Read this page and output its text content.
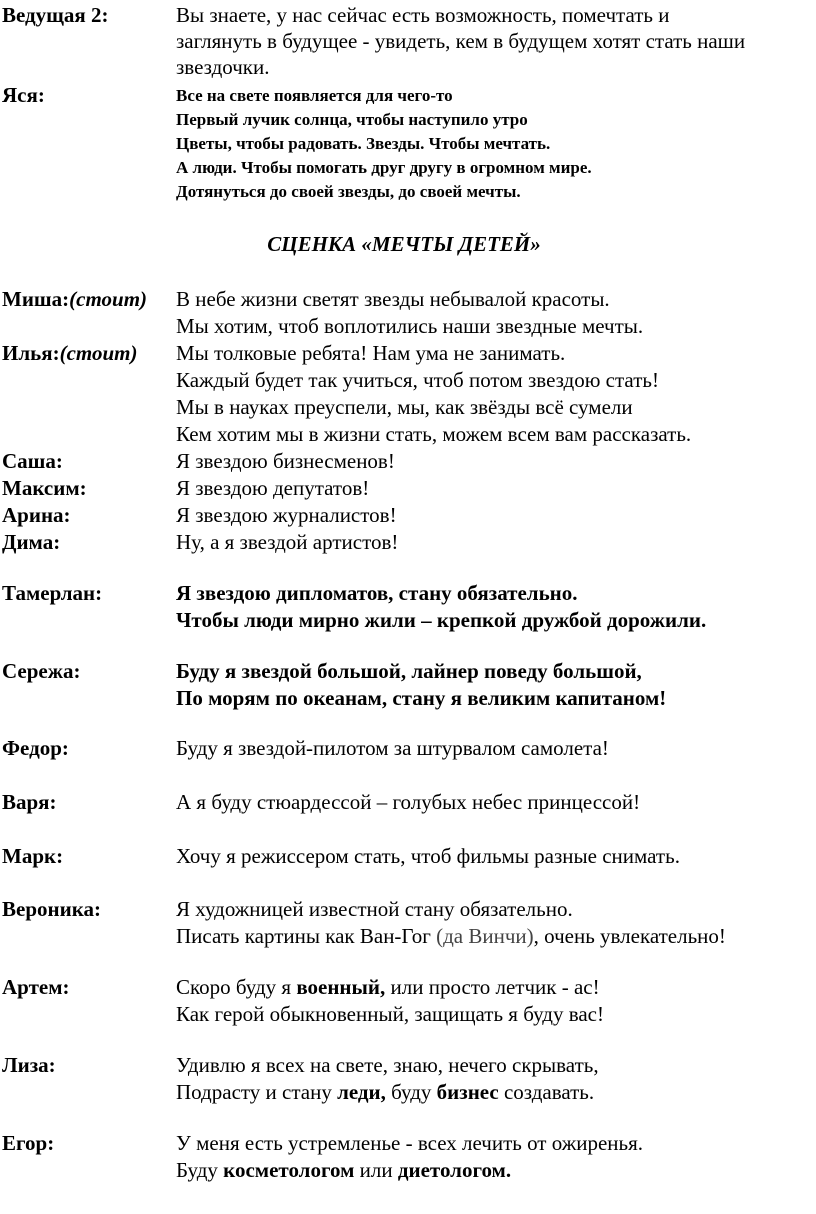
Ведущая 2:	Вы знаете, у нас сейчас есть возможность, помечтать и
заглянуть в будущее - увидеть, кем в будущем хотят стать наши
звездочки.
Яся:	Все на свете появляется для чего-то
Первый лучик солнца, чтобы наступило утро
Цветы, чтобы радовать. Звезды. Чтобы мечтать.
А люди. Чтобы помогать друг другу в огромном мире.
Дотянуться до своей звезды, до своей мечты.
СЦЕНКА «МЕЧТЫ ДЕТЕЙ»
Миша:(стоит) В небе жизни светят звезды небывалой красоты.
Мы хотим, чтоб воплотились наши звездные мечты.
Илья:(стоит) Мы толковые ребята! Нам ума не занимать.
Каждый будет так учиться, чтоб потом звездою стать!
Мы в науках преуспели, мы, как звёзды всё сумели
Кем хотим мы в жизни стать, можем всем вам рассказать.
Саша:	Я звездою бизнесменов!
Максим:	Я звездою депутатов!
Арина:	Я звездою журналистов!
Дима:	Ну, а я звездой артистов!
Тамерлан:	Я звездою дипломатов, стану обязательно.
Чтобы люди мирно жили – крепкой дружбой дорожили.
Сережа:	Буду я звездой большой, лайнер поведу большой,
По морям по океанам, стану я великим капитаном!
Федор:	Буду я звездой-пилотом за штурвалом самолета!
Варя:	А я буду стюардессой – голубых небес принцессой!
Марк:	Хочу я режиссером стать, чтоб фильмы разные снимать.
Вероника:	Я художницей известной стану обязательно.
Писать картины как Ван-Гог (да Винчи), очень увлекательно!
Артем:	Скоро буду я военный, или просто летчик - ас!
Как герой обыкновенный, защищать я буду вас!
Лиза:	Удивлю я всех на свете, знаю, нечего скрывать,
Подрасту и стану леди, буду бизнес создавать.
Егор:	У меня есть устремленье - всех лечить от ожиренья.
Буду косметологом или диетологом.
